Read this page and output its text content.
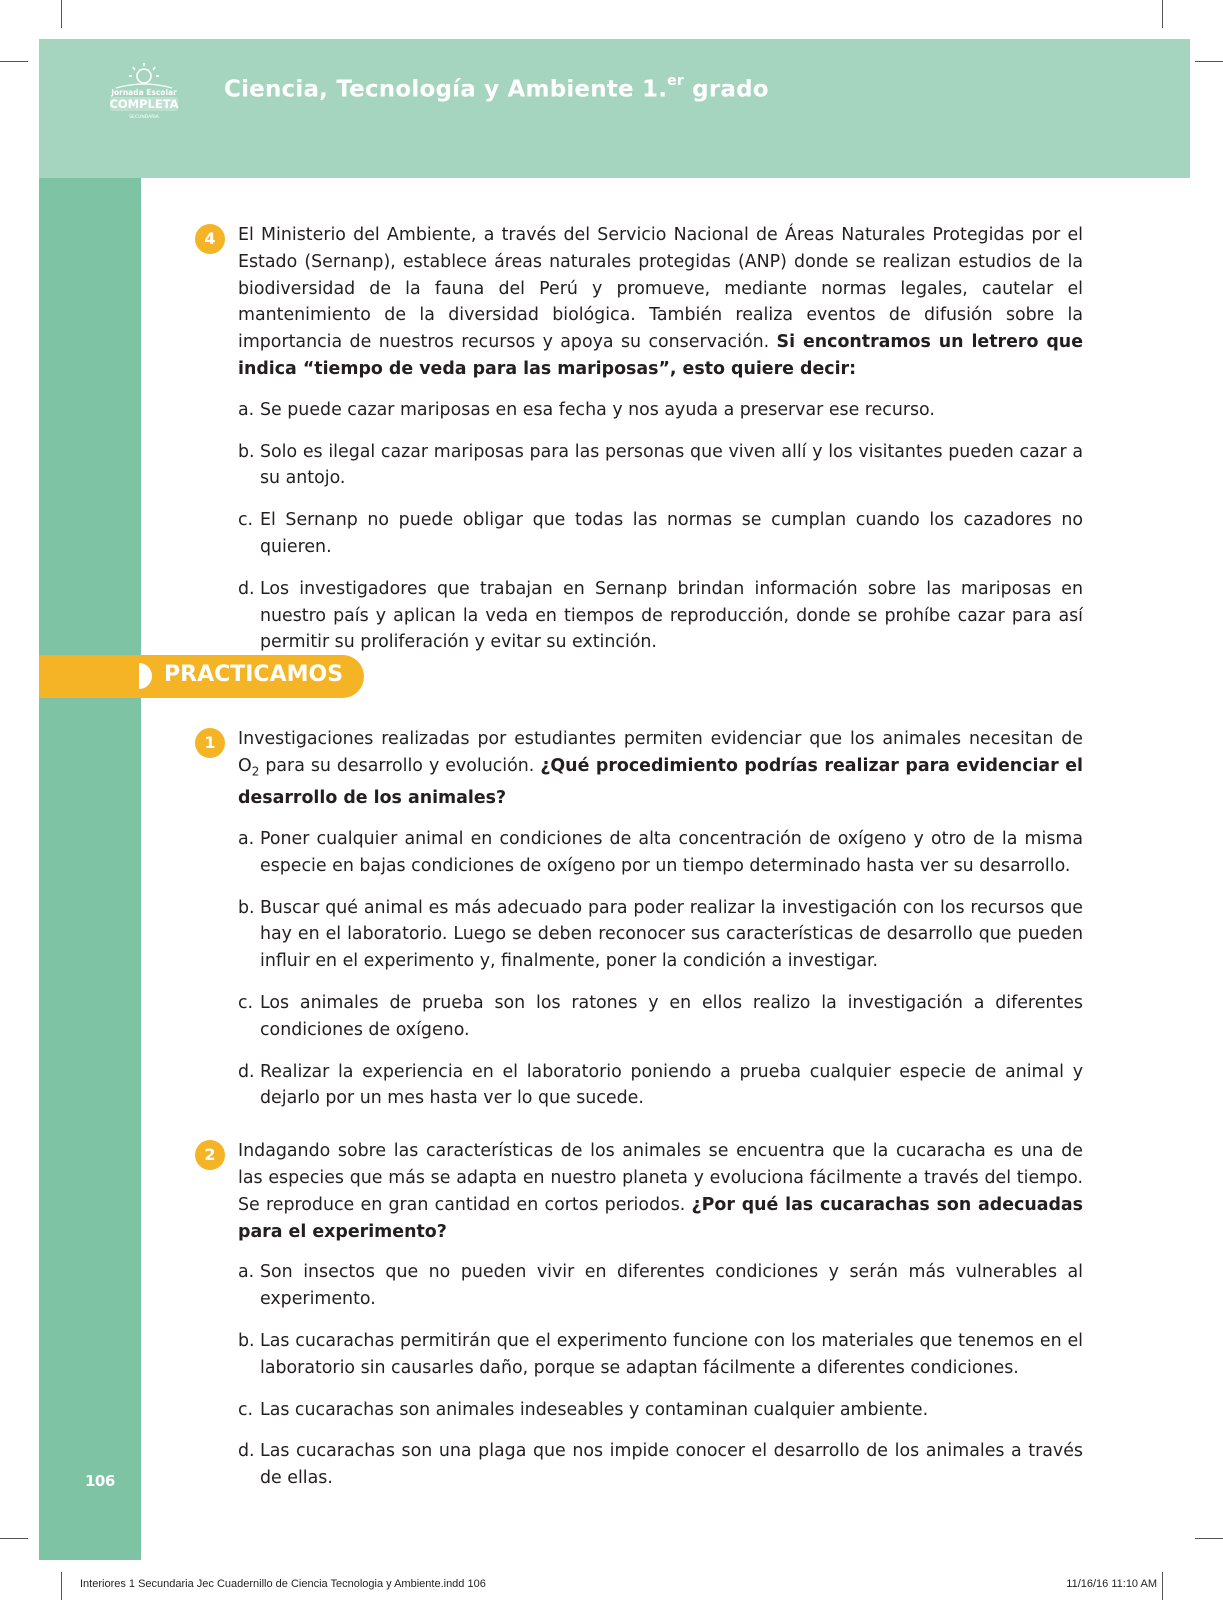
Jornada Escolar
COMPLETA
SECUNDARIA
Ciencia, Tecnología y Ambiente 1.$^{er}$ grado
106
PRACTICAMOS

4	El Ministerio del Ambiente, a través del Servicio Nacional de Áreas Naturales Protegidas por el Estado (Sernanp), establece áreas naturales protegidas (ANP) donde se realizan estudios de la biodiversidad de la fauna del Perú y promueve, mediante normas legales, cautelar el mantenimiento de la diversidad biológica. También realiza eventos de difusión sobre la importancia de nuestros recursos y apoya su conservación. Si encontramos un letrero que indica “tiempo de veda para las mariposas”, esto quiere decir:

a. Se puede cazar mariposas en esa fecha y nos ayuda a preservar ese recurso.
b. Solo es ilegal cazar mariposas para las personas que viven allí y los visitantes pueden cazar a su antojo.
c. El Sernanp no puede obligar que todas las normas se cumplan cuando los cazadores no quieren.
d. Los investigadores que trabajan en Sernanp brindan información sobre las mariposas en nuestro país y aplican la veda en tiempos de reproducción, donde se prohíbe cazar para así permitir su proliferación y evitar su extinción.

1	Investigaciones realizadas por estudiantes permiten evidenciar que los animales necesitan de $O_2$ para su desarrollo y evolución. ¿Qué procedimiento podrías realizar para evidenciar el desarrollo de los animales?

a. Poner cualquier animal en condiciones de alta concentración de oxígeno y otro de la misma especie en bajas condiciones de oxígeno por un tiempo determinado hasta ver su desarrollo.
b. Buscar qué animal es más adecuado para poder realizar la investigación con los recursos que hay en el laboratorio. Luego se deben reconocer sus características de desarrollo que pueden influir en el experimento y, finalmente, poner la condición a investigar.
c. Los animales de prueba son los ratones y en ellos realizo la investigación a diferentes condiciones de oxígeno.
d. Realizar la experiencia en el laboratorio poniendo a prueba cualquier especie de animal y dejarlo por un mes hasta ver lo que sucede.

2	Indagando sobre las características de los animales se encuentra que la cucaracha es una de las especies que más se adapta en nuestro planeta y evoluciona fácilmente a través del tiempo. Se reproduce en gran cantidad en cortos periodos. ¿Por qué las cucarachas son adecuadas para el experimento?

a. Son insectos que no pueden vivir en diferentes condiciones y serán más vulnerables al experimento.
b. Las cucarachas permitirán que el experimento funcione con los materiales que tenemos en el laboratorio sin causarles daño, porque se adaptan fácilmente a diferentes condiciones.
c. Las cucarachas son animales indeseables y contaminan cualquier ambiente.
d. Las cucarachas son una plaga que nos impide conocer el desarrollo de los animales a través de ellas.
Interiores 1 Secundaria Jec Cuadernillo de Ciencia Tecnologia y Ambiente.indd 106	11/16/16 11:10 AM
